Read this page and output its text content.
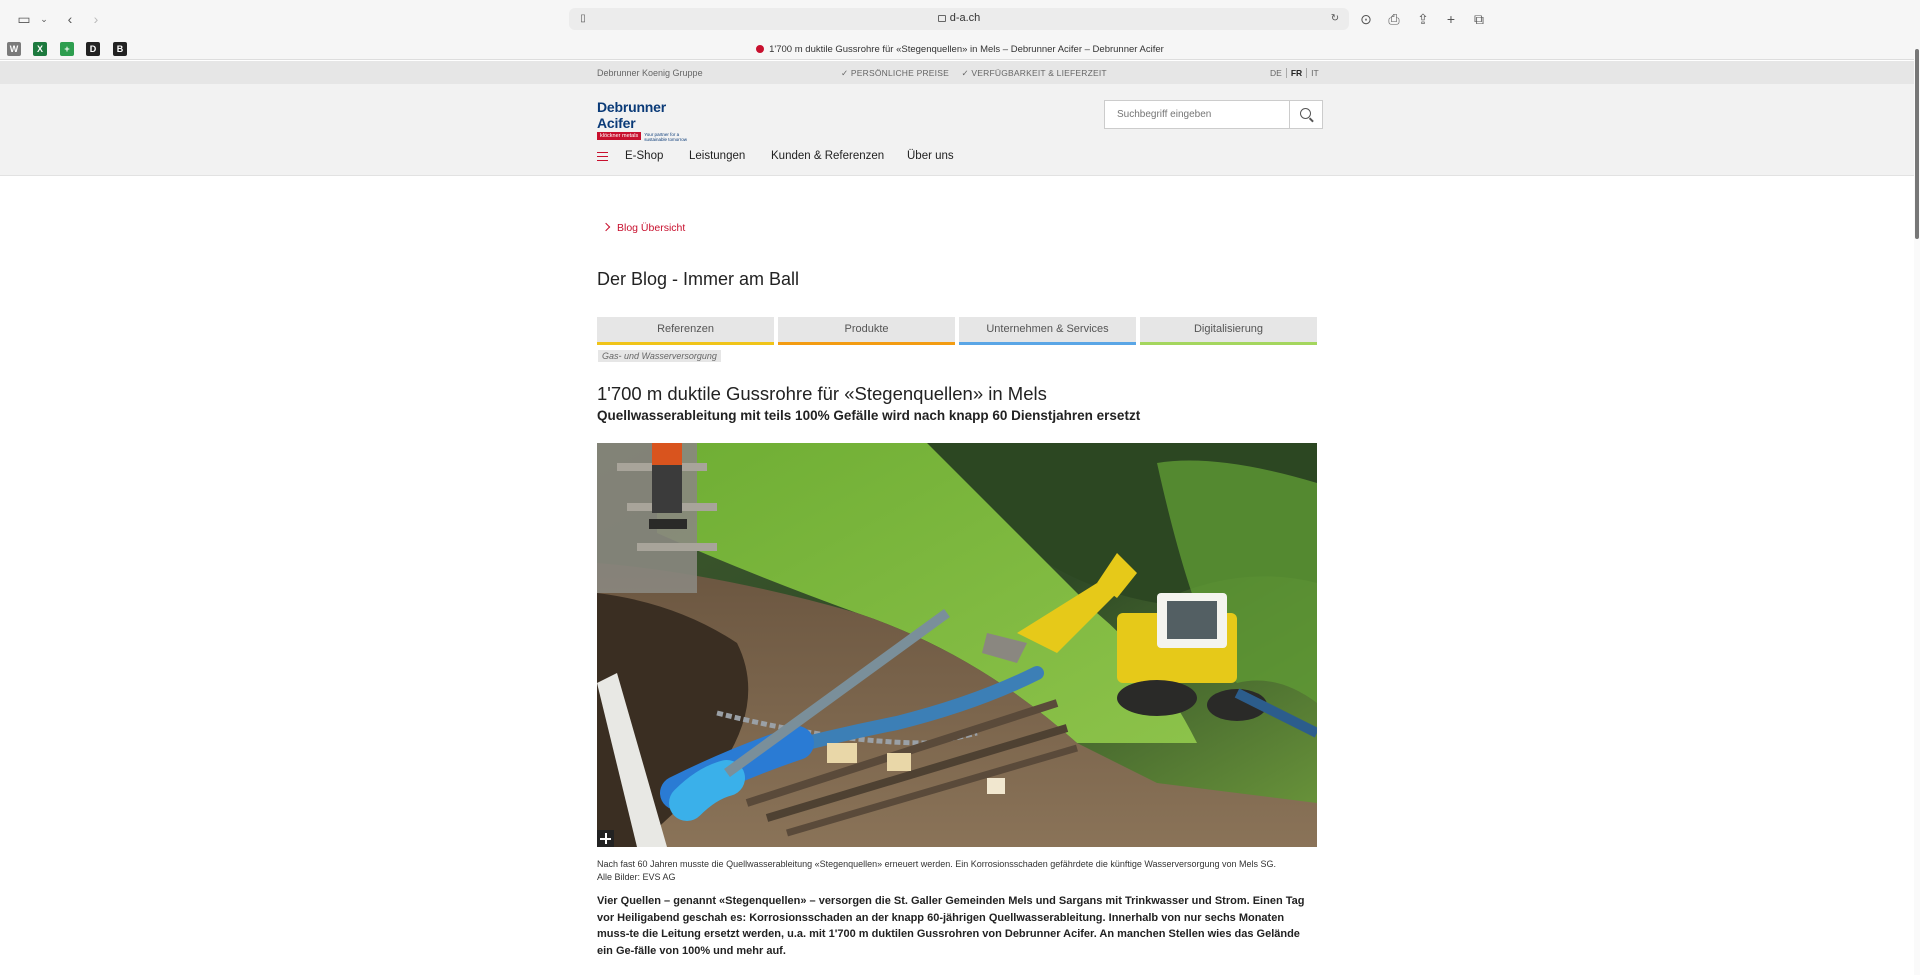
▭	⌄	‹	›	d-a.ch
▯	↻ ⊙ ⎙ ⇪ + ⧉
W	X	+	D	B	1'700 m duktile Gussrohre für «Stegenquellen» in Mels – Debrunner Acifer – Debrunner Acifer
Debrunner Koenig Gruppe	✓ PERSÖNLICHE PREISE ✓ VERFÜGBARKEIT & LIEFERZEIT	DE FR IT
Debrunner Acifer
klöckner metals Your partner for a sustainable tomorrow
Suchbegriff eingeben
E-Shop Leistungen Kunden & Referenzen Über uns
Blog Übersicht
Der Blog - Immer am Ball
Referenzen	Produkte	Unternehmen & Services	Digitalisierung
Gas- und Wasserversorgung
1'700 m duktile Gussrohre für «Stegenquellen» in Mels
Quellwasserableitung mit teils 100% Gefälle wird nach knapp 60 Dienstjahren ersetzt
Nach fast 60 Jahren musste die Quellwasserableitung «Stegenquellen» erneuert werden. Ein Korrosionsschaden gefährdete die künftige Wasserversorgung von Mels SG.
Alle Bilder: EVS AG

Vier Quellen – genannt «Stegenquellen» – versorgen die St. Galler Gemeinden Mels und Sargans mit Trinkwasser und Strom. Einen Tag vor Heiligabend geschah es: Korrosionsschaden an der knapp 60-jährigen Quellwasserableitung. Innerhalb von nur sechs Monaten muss-te die Leitung ersetzt werden, u.a. mit 1'700 m duktilen Gussrohren von Debrunner Acifer. An manchen Stellen wies das Gelände ein Ge-fälle von 100% und mehr auf.
